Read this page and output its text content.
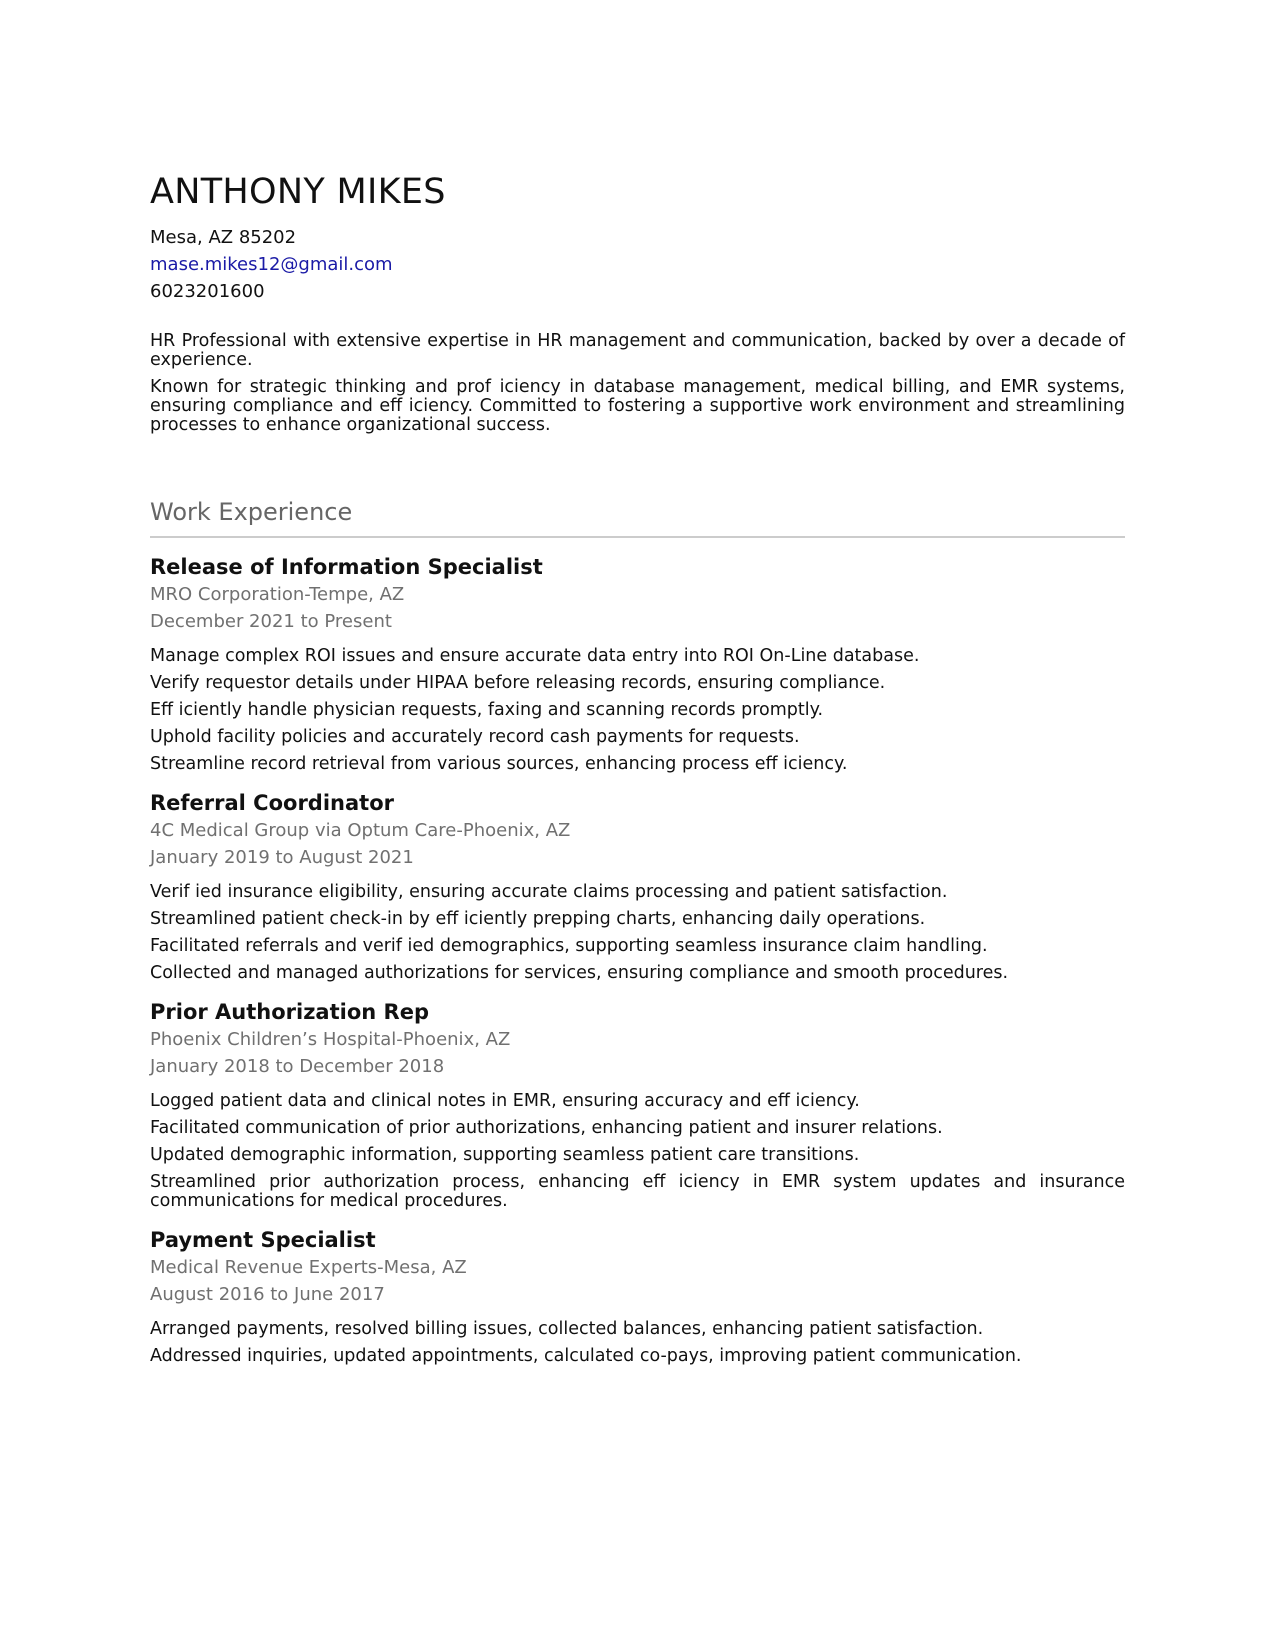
ANTHONY MIKES
Mesa, AZ 85202
mase.mikes12@gmail.com
6023201600

HR Professional with extensive expertise in HR management and communication, backed by over a decade of experience.

Known for strategic thinking and prof iciency in database management, medical billing, and EMR systems, ensuring compliance and eff iciency. Committed to fostering a supportive work environment and streamlining processes to enhance organizational success.

Work Experience
Release of Information Specialist
MRO Corporation-Tempe, AZ
December 2021 to Present
Manage complex ROI issues and ensure accurate data entry into ROI On-Line database.
Verify requestor details under HIPAA before releasing records, ensuring compliance.
Eff iciently handle physician requests, faxing and scanning records promptly.
Uphold facility policies and accurately record cash payments for requests.
Streamline record retrieval from various sources, enhancing process eff iciency.
Referral Coordinator
4C Medical Group via Optum Care-Phoenix, AZ
January 2019 to August 2021
Verif ied insurance eligibility, ensuring accurate claims processing and patient satisfaction.
Streamlined patient check-in by eff iciently prepping charts, enhancing daily operations.
Facilitated referrals and verif ied demographics, supporting seamless insurance claim handling.
Collected and managed authorizations for services, ensuring compliance and smooth procedures.
Prior Authorization Rep
Phoenix Children’s Hospital-Phoenix, AZ
January 2018 to December 2018
Logged patient data and clinical notes in EMR, ensuring accuracy and eff iciency.
Facilitated communication of prior authorizations, enhancing patient and insurer relations.
Updated demographic information, supporting seamless patient care transitions.
Streamlined prior authorization process, enhancing eff iciency in EMR system updates and insurance communications for medical procedures.
Payment Specialist
Medical Revenue Experts-Mesa, AZ
August 2016 to June 2017
Arranged payments, resolved billing issues, collected balances, enhancing patient satisfaction.
Addressed inquiries, updated appointments, calculated co-pays, improving patient communication.
